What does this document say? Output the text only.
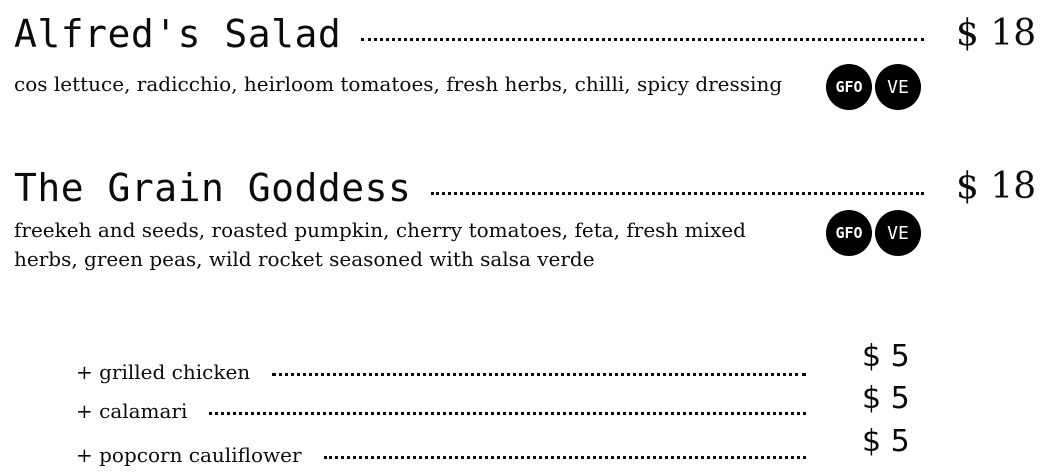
Alfred's Salad	$ 18
cos lettuce, radicchio, heirloom tomatoes, fresh herbs, chilli, spicy dressing	GFO	VE
The Grain Goddess	$ 18
freekeh and seeds, roasted pumpkin, cherry tomatoes, feta, fresh mixed herbs, green peas, wild rocket seasoned with salsa verde
GFO	VE
+ grilled chicken	$ 5
+ calamari	$ 5
+ popcorn cauliflower	$ 5
